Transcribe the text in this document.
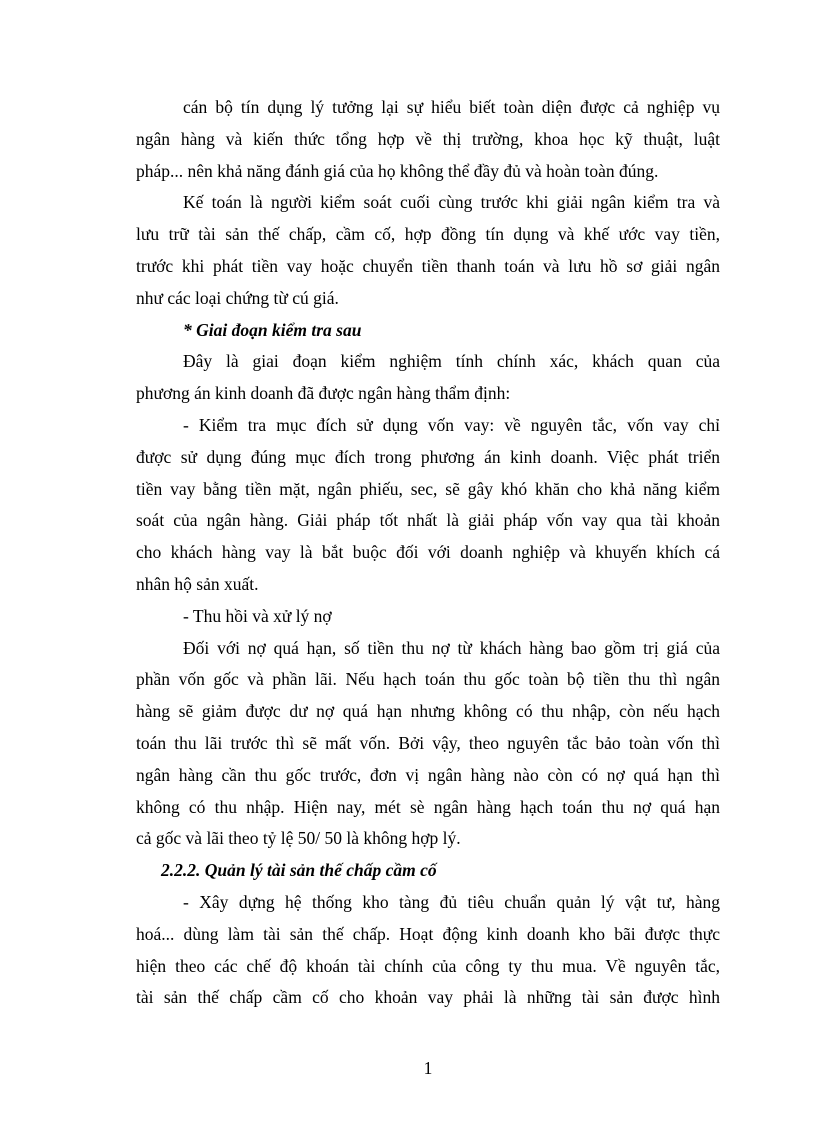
cán bộ tín dụng lý tưởng lại sự hiểu biết toàn diện được cả nghiệp vụ
ngân hàng và kiến thức tổng hợp về thị trường, khoa học kỹ thuật, luật
pháp... nên khả năng đánh giá của họ không thể đầy đủ và hoàn toàn đúng.
Kế toán là người kiểm soát cuối cùng trước khi giải ngân kiểm tra và
lưu trữ tài sản thế chấp, cầm cố, hợp đồng tín dụng và khế ước vay tiền,
trước khi phát tiền vay hoặc chuyển tiền thanh toán và lưu hồ sơ giải ngân
như các loại chứng từ cú giá.
* Giai đoạn kiểm tra sau
Đây là giai đoạn kiểm nghiệm tính chính xác, khách quan của
phương án kinh doanh đã được ngân hàng thẩm định:
- Kiểm tra mục đích sử dụng vốn vay: về nguyên tắc, vốn vay chỉ
được sử dụng đúng mục đích trong phương án kinh doanh. Việc phát triển
tiền vay bằng tiền mặt, ngân phiếu, sec, sẽ gây khó khăn cho khả năng kiểm
soát của ngân hàng. Giải pháp tốt nhất là giải pháp vốn vay qua tài khoản
cho khách hàng vay là bắt buộc đối với doanh nghiệp và khuyến khích cá
nhân hộ sản xuất.
- Thu hồi và xử lý nợ
Đối với nợ quá hạn, số tiền thu nợ từ khách hàng bao gồm trị giá của
phần vốn gốc và phần lãi. Nếu hạch toán thu gốc toàn bộ tiền thu thì ngân
hàng sẽ giảm được dư nợ quá hạn nhưng không có thu nhập, còn nếu hạch
toán thu lãi trước thì sẽ mất vốn. Bởi vậy, theo nguyên tắc bảo toàn vốn thì
ngân hàng cần thu gốc trước, đơn vị ngân hàng nào còn có nợ quá hạn thì
không có thu nhập. Hiện nay, mét sè ngân hàng hạch toán thu nợ quá hạn
cả gốc và lãi theo tỷ lệ 50/ 50 là không hợp lý.
2.2.2. Quản lý tài sản thế chấp cầm cố
- Xây dựng hệ thống kho tàng đủ tiêu chuẩn quản lý vật tư, hàng
hoá... dùng làm tài sản thế chấp. Hoạt động kinh doanh kho bãi được thực
hiện theo các chế độ khoán tài chính của công ty thu mua. Về nguyên tắc,
tài sản thế chấp cầm cố cho khoản vay phải là những tài sản được hình
1
